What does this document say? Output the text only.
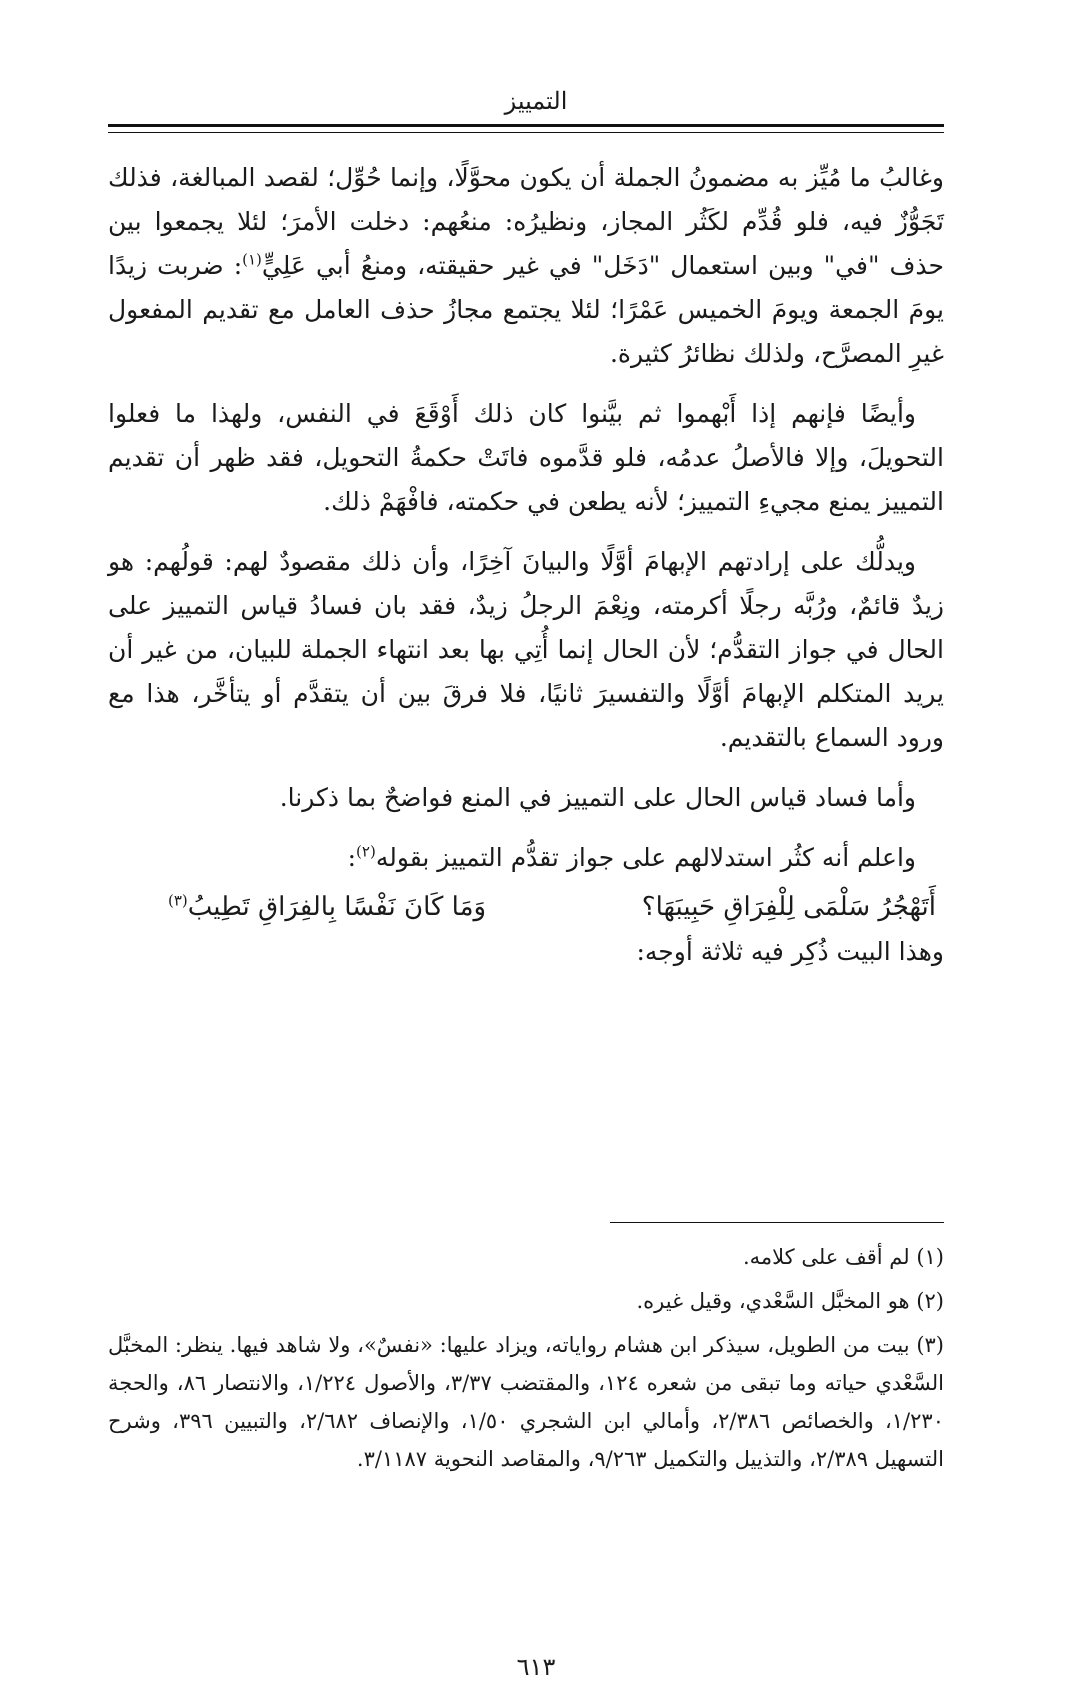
التمييز

وغالبُ ما مُيِّز به مضمونُ الجملة أن يكون محوَّلًا، وإنما حُوِّل؛ لقصد المبالغة، فذلك تَجَوُّزٌ فيه، فلو قُدِّم لكَثُر المجاز، ونظيرُه: منعُهم: دخلت الأمرَ؛ لئلا يجمعوا بين حذف "في" وبين استعمال "دَخَل" في غير حقيقته، ومنعُ أبي عَلِيٍّ$^{(١)}$: ضربت زيدًا يومَ الجمعة ويومَ الخميس عَمْرًا؛ لئلا يجتمع مجازُ حذف العامل مع تقديم المفعول غيرِ المصرَّح، ولذلك نظائرُ كثيرة.

وأيضًا فإنهم إذا أَبْهموا ثم بيَّنوا كان ذلك أَوْقَعَ في النفس، ولهذا ما فعلوا التحويلَ، وإلا فالأصلُ عدمُه، فلو قدَّموه فاتَتْ حكمةُ التحويل، فقد ظهر أن تقديم التمييز يمنع مجيءِ التمييز؛ لأنه يطعن في حكمته، فافْهَمْ ذلك.

ويدلُّك على إرادتهم الإبهامَ أوَّلًا والبيانَ آخِرًا، وأن ذلك مقصودٌ لهم: قولُهم: هو زيدٌ قائمٌ، ورُبَّه رجلًا أكرمته، ونِعْمَ الرجلُ زيدٌ، فقد بان فسادُ قياس التمييز على الحال في جواز التقدُّم؛ لأن الحال إنما أُتِي بها بعد انتهاء الجملة للبيان، من غير أن يريد المتكلم الإبهامَ أوَّلًا والتفسيرَ ثانيًا، فلا فرقَ بين أن يتقدَّم أو يتأخَّر، هذا مع ورود السماع بالتقديم.

وأما فساد قياس الحال على التمييز في المنع فواضحٌ بما ذكرنا.

واعلم أنه كثُر استدلالهم على جواز تقدُّم التمييز بقوله$^{(٢)}$:

أَتَهْجُرُ سَلْمَى لِلْفِرَاقِ حَبِيبَهَا؟
وَمَا كَانَ نَفْسًا بِالفِرَاقِ تَطِيبُ$^{(٣)}$

وهذا البيت ذُكِر فيه ثلاثة أوجه:

(١) لم أقف على كلامه.

(٢) هو المخبَّل السَّعْدي، وقيل غيره.

(٣) بيت من الطويل، سيذكر ابن هشام رواياته، ويزاد عليها: «نفسٌ»، ولا شاهد فيها. ينظر: المخبَّل السَّعْدي حياته وما تبقى من شعره ١٢٤، والمقتضب ٣/٣٧، والأصول ١/٢٢٤، والانتصار ٨٦، والحجة ١/٢٣٠، والخصائص ٢/٣٨٦، وأمالي ابن الشجري ١/٥٠، والإنصاف ٢/٦٨٢، والتبيين ٣٩٦، وشرح التسهيل ٢/٣٨٩، والتذييل والتكميل ٩/٢٦٣، والمقاصد النحوية ٣/١١٨٧.

٦١٣
